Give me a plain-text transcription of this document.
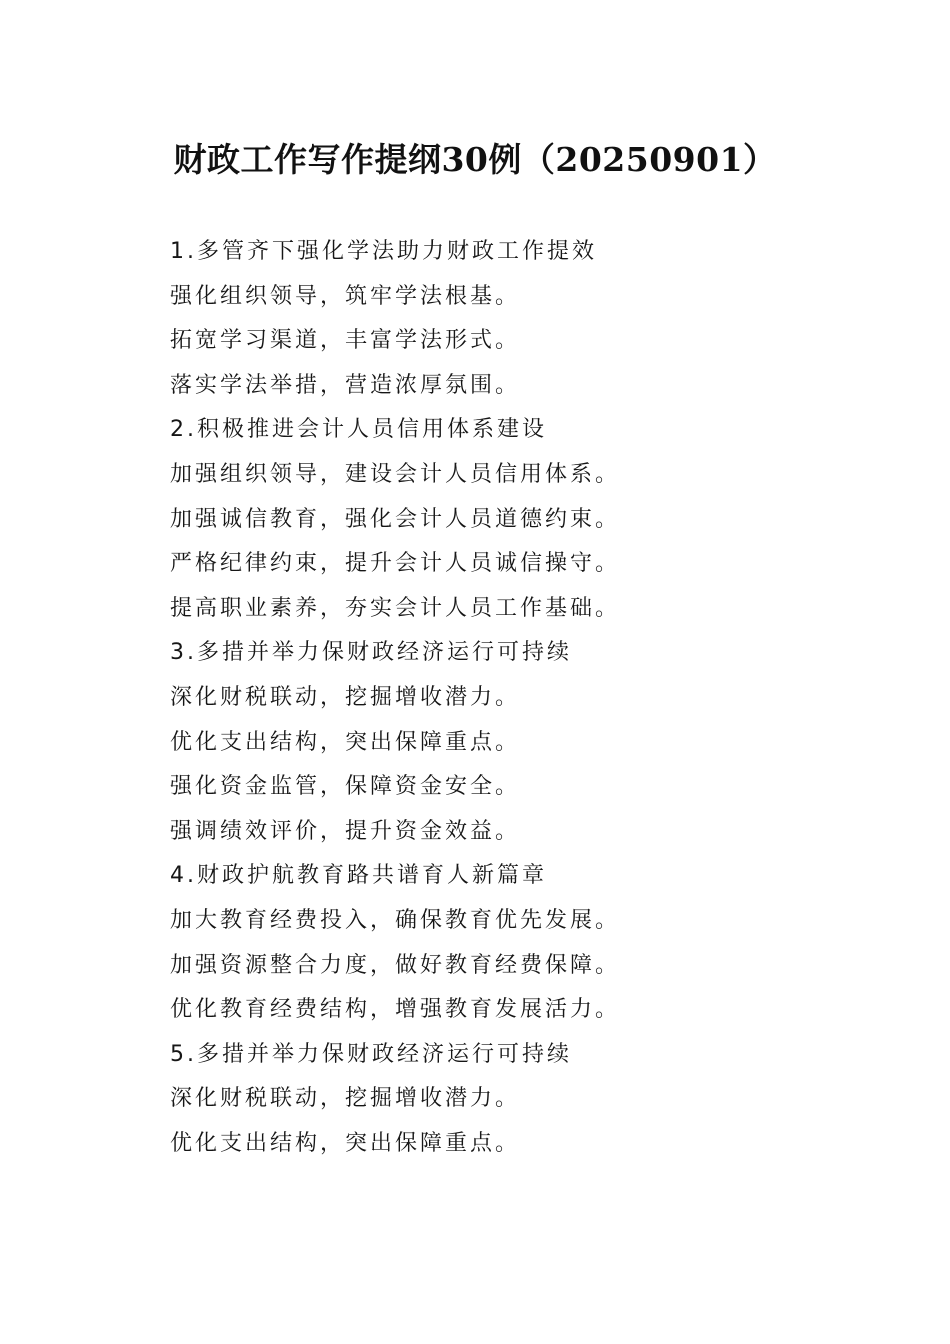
财政工作写作提纲30例（20250901）
1.多管齐下强化学法助力财政工作提效
强化组织领导，筑牢学法根基。
拓宽学习渠道，丰富学法形式。
落实学法举措，营造浓厚氛围。
2.积极推进会计人员信用体系建设
加强组织领导，建设会计人员信用体系。
加强诚信教育，强化会计人员道德约束。
严格纪律约束，提升会计人员诚信操守。
提高职业素养，夯实会计人员工作基础。
3.多措并举力保财政经济运行可持续
深化财税联动，挖掘增收潜力。
优化支出结构，突出保障重点。
强化资金监管，保障资金安全。
强调绩效评价，提升资金效益。
4.财政护航教育路共谱育人新篇章
加大教育经费投入，确保教育优先发展。
加强资源整合力度，做好教育经费保障。
优化教育经费结构，增强教育发展活力。
5.多措并举力保财政经济运行可持续
深化财税联动，挖掘增收潜力。
优化支出结构，突出保障重点。
